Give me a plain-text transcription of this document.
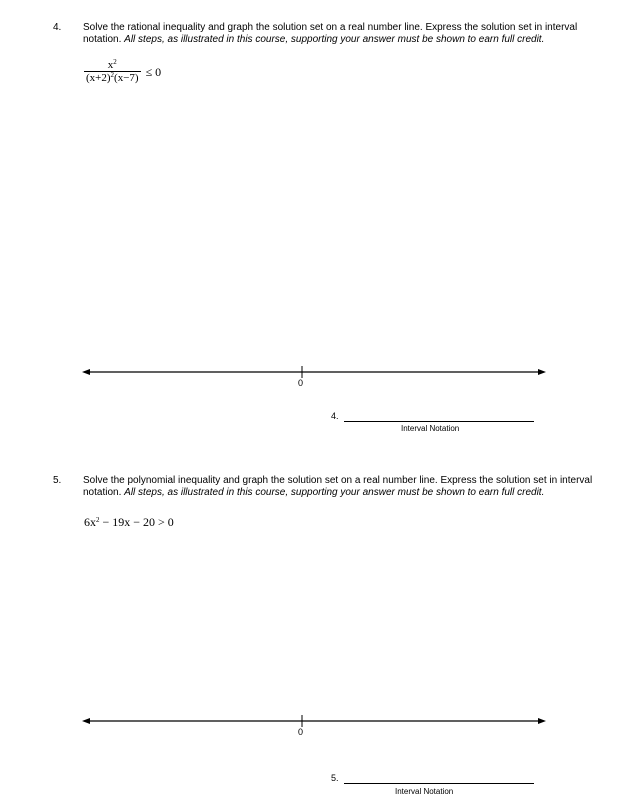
4. Solve the rational inequality and graph the solution set on a real number line. Express the solution set in interval notation. All steps, as illustrated in this course, supporting your answer must be shown to earn full credit.
$\frac{x^2}{(x+2)^2(x-7)} \le 0$
0
4.
Interval Notation
5. Solve the polynomial inequality and graph the solution set on a real number line. Express the solution set in interval notation. All steps, as illustrated in this course, supporting your answer must be shown to earn full credit.
$6x^2 - 19x - 20 > 0$
0
5.
Interval Notation
